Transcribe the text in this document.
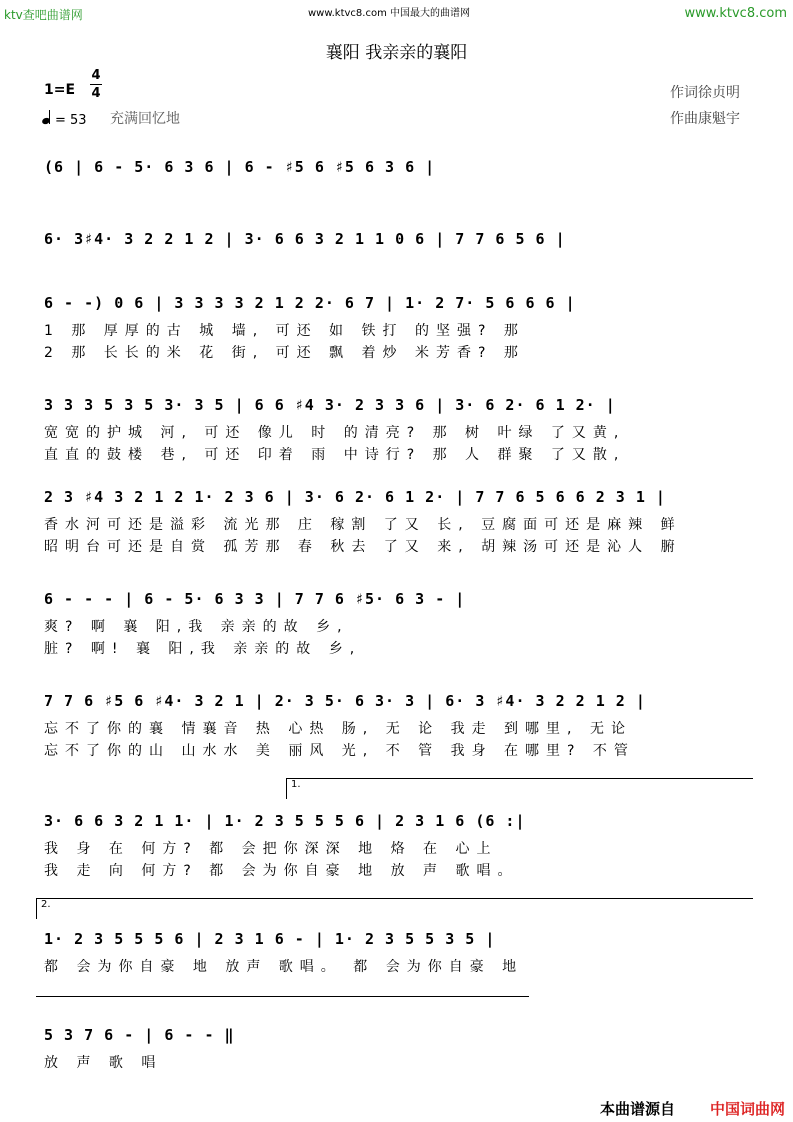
ktv查吧曲谱网	www.ktvc8.com 中国最大的曲谱网	www.ktvc8.com
襄阳 我亲亲的襄阳
1=E
4
4
= 53 充满回忆地
作词徐贞明
作曲康魁宇
(6 | 6 - 5· 6 3 6 | 6 - ♯5 6 ♯5 6 3 6 |
6· 3♯4· 3 2 2 1 2 | 3· 6 6 3 2 1 1 0 6 | 7 7 6 5 6 |
6 - -) 0 6 | 3 3 3 3 2 1 2 2· 6 7 | 1· 2 7· 5 6 6 6 |
1 那 厚厚的古 城 墙, 可还 如 铁打 的坚强? 那
2 那 长长的米 花 街, 可还 飘 着炒 米芳香? 那
3 3 3 5 3 5 3· 3 5 | 6 6 ♯4 3· 2 3 3 6 | 3· 6 2· 6 1 2· |
宽宽的护城 河, 可还 像儿 时 的清亮? 那 树 叶绿 了又黄,
直直的鼓楼 巷, 可还 印着 雨 中诗行? 那 人 群聚 了又散,
2 3 ♯4 3 2 1 2 1· 2 3 6 | 3· 6 2· 6 1 2· | 7 7 6 5 6 6 2 3 1 |
香水河可还是溢彩 流光那 庄 稼割 了又 长, 豆腐面可还是麻辣 鲜
昭明台可还是自赏 孤芳那 春 秋去 了又 来, 胡辣汤可还是沁人 腑
6 - - - | 6 - 5· 6 3 3 | 7 7 6 ♯5· 6 3 - |
爽? 啊 襄 阳,我 亲亲的故 乡,
脏? 啊! 襄 阳,我 亲亲的故 乡,
7 7 6 ♯5 6 ♯4· 3 2 1 | 2· 3 5· 6 3· 3 | 6· 3 ♯4· 3 2 2 1 2 |
忘不了你的襄 情襄音 热 心热 肠, 无 论 我走 到哪里, 无论
忘不了你的山 山水水 美 丽风 光, 不 管 我身 在哪里? 不管
1.
3· 6 6 3 2 1 1· | 1· 2 3 5 5 5 6 | 2 3 1 6 (6 :|
我 身 在 何方? 都 会把你深深 地 烙 在 心上
我 走 向 何方? 都 会为你自豪 地 放 声 歌唱。
2.
1· 2 3 5 5 5 6 | 2 3 1 6 - | 1· 2 3 5 5 3 5 |
都 会为你自豪 地 放声 歌唱。 都 会为你自豪 地
5 3 7 6 - | 6 - - ‖
放 声 歌 唱
本曲谱源自 中国词曲网
